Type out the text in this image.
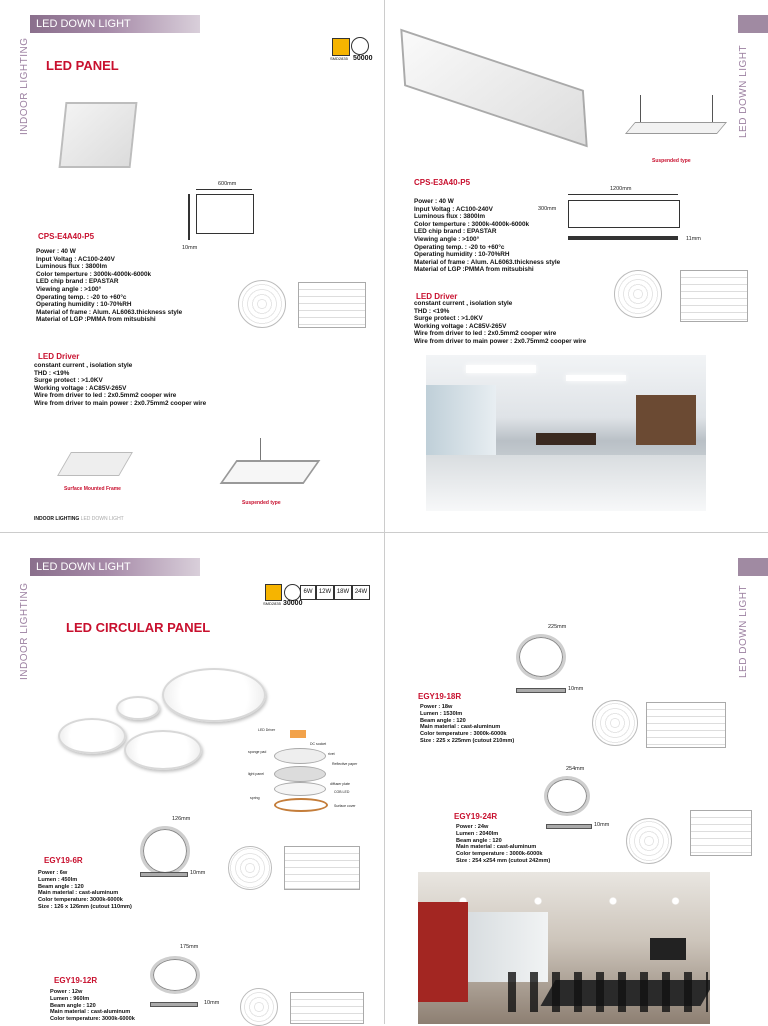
LED DOWN LIGHT
INDOOR LIGHTING LED PANEL	SMD2835 50000
600mm
10mm
CPS-E4A40-P5
Power : 40 W
Input Voltag : AC100-240V
Luminous flux : 3800lm
Color temperture : 3000k-4000k-6000k
LED chip brand : EPASTAR
Viewing angle : >100°
Operating temp. : -20 to +60°c
Operating humidity : 10-70%RH
Material of frame : Alum. AL6063.thickness style
Material of LGP :PMMA from mitsubishi
LED Driver
constant current , isolation style
THD : <19%
Surge protect : >1.0KV
Working voltage : AC85V-265V
Wire from driver to led : 2x0.5mm2 cooper wire
Wire from driver to main power : 2x0.75mm2 cooper wire
Surface Mounted Frame
Suspended type
INDOOR LIGHTING LED DOWN LIGHT
LED DOWN LIGHT
Suspended type
CPS-E3A40-P5
1200mm
300mm
11mm
Power : 40 W
Input Voltag : AC100-240V
Luminous flux : 3800lm
Color temperture : 3000k-4000k-6000k
LED chip brand : EPASTAR
Viewing angle : >100°
Operating temp. : -20 to +60°c
Operating humidity : 10-70%RH
Material of frame : Alum. AL6063.thickness style
Material of LGP :PMMA from mitsubishi
LED Driver
constant current , isolation style
THD : <19%
Surge protect : >1.0KV
Working voltage : AC85V-265V
Wire from driver to led : 2x0.5mm2 cooper wire
Wire from driver to main power : 2x0.75mm2 cooper wire
LED DOWN LIGHT
INDOOR LIGHTING	SMD2835 30000
6W	12W 18W 24W
LED CIRCULAR PANEL
LED Driver
DC socket
sponge pad	rivet
Reflective paper
light panel
diffuser plate
COB LED
spring
Surface cover
126mm
10mm
EGY19-6R
Power : 6w
Lumen : 450lm
Beam angle : 120
Main material : cast-aluminum
Color temperature: 3000k-6000k
Size : 126 x 126mm (cutout 110mm)
175mm
10mm
EGY19-12R
Power : 12w
Lumen : 960lm
Beam angle : 120
Main material : cast-aluminum
Color temperature: 3000k-6000k
LED DOWN LIGHT
225mm
10mm
EGY19-18R
Power : 18w
Lumen : 1530lm
Beam angle : 120
Main material : cast-aluminum
Color temperature : 3000k-6000k
Size : 225 x 225mm (cutout 210mm)
254mm
10mm
EGY19-24R
Power : 24w
Lumen : 2040lm
Beam angle : 120
Main material : cast-aluminum
Color temperature : 3000k-6000k
Size : 254 x254 mm (cutout 242mm)
